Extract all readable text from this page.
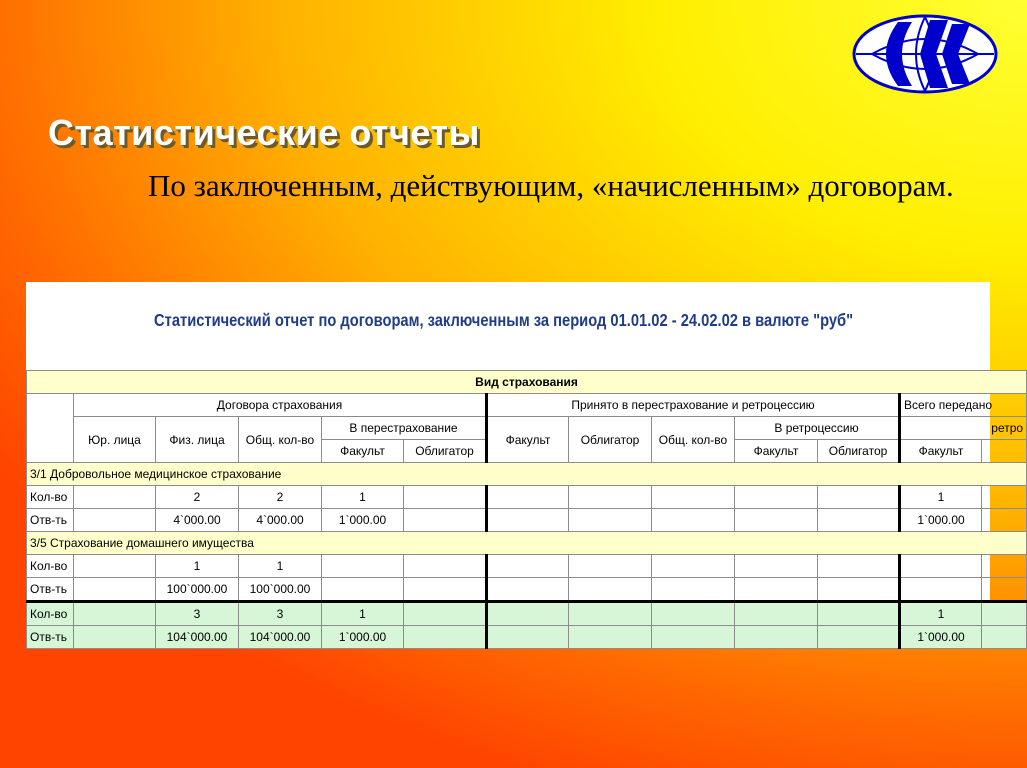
Статистические отчеты

По заключенным, действующим, «начисленным» договорам.

Статистический отчет по договорам, заключенным за период 01.01.02 - 24.02.02 в валюте "руб"
Вид страхования												
	Договора страхования					Принято в перестрахование и ретроцессию					Всего передано	
	Юр. лица	Физ. лица	Общ. кол-во	В перестрахование		Факульт	Облигатор	Общ. кол-во	В ретроцессию		ретро	
				Факульт	Облигатор				Факульт	Облигатор	Факульт	
3/1 Добровольное медицинское страхование												
Кол-во		2	2	1							1	
Отв-ть		4`000.00	4`000.00	1`000.00							1`000.00	
3/5 Страхование домашнего имущества												
Кол-во		1	1									
Отв-ть		100`000.00	100`000.00									
Кол-во		3	3	1							1	
Отв-ть		104`000.00	104`000.00	1`000.00							1`000.00	
